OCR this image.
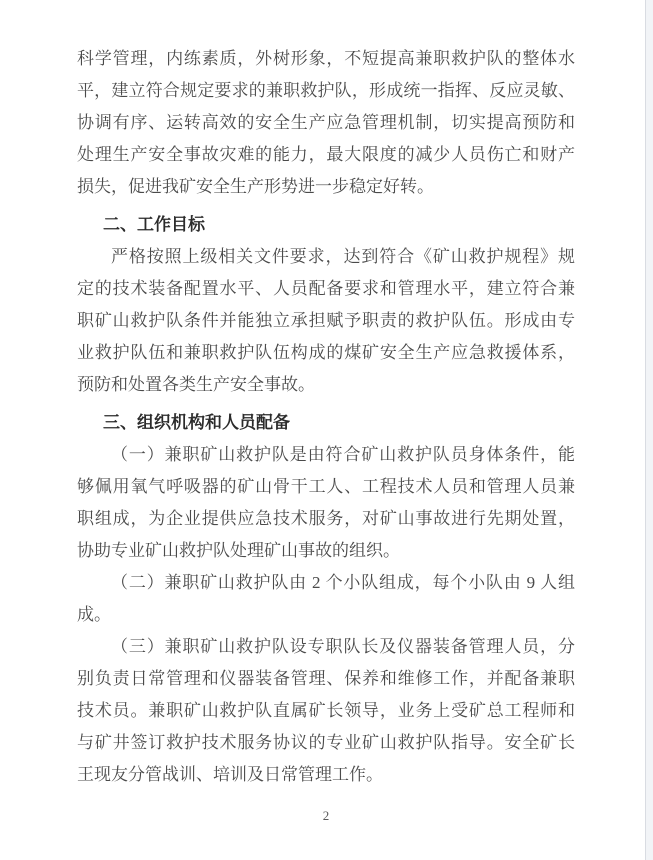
科学管理，内练素质，外树形象，不短提高兼职救护队的整体水
平，建立符合规定要求的兼职救护队，形成统一指挥、反应灵敏、
协调有序、运转高效的安全生产应急管理机制，切实提高预防和
处理生产安全事故灾难的能力，最大限度的减少人员伤亡和财产
损失，促进我矿安全生产形势进一步稳定好转。
二、工作目标
严格按照上级相关文件要求，达到符合《矿山救护规程》规
定的技术装备配置水平、人员配备要求和管理水平，建立符合兼
职矿山救护队条件并能独立承担赋予职责的救护队伍。形成由专
业救护队伍和兼职救护队伍构成的煤矿安全生产应急救援体系，
预防和处置各类生产安全事故。
三、组织机构和人员配备
（一）兼职矿山救护队是由符合矿山救护队员身体条件，能
够佩用氧气呼吸器的矿山骨干工人、工程技术人员和管理人员兼
职组成，为企业提供应急技术服务，对矿山事故进行先期处置，
协助专业矿山救护队处理矿山事故的组织。
（二）兼职矿山救护队由 2 个小队组成，每个小队由 9 人组
成。
（三）兼职矿山救护队设专职队长及仪器装备管理人员，分
别负责日常管理和仪器装备管理、保养和维修工作，并配备兼职
技术员。兼职矿山救护队直属矿长领导，业务上受矿总工程师和
与矿井签订救护技术服务协议的专业矿山救护队指导。安全矿长
王现友分管战训、培训及日常管理工作。
2
